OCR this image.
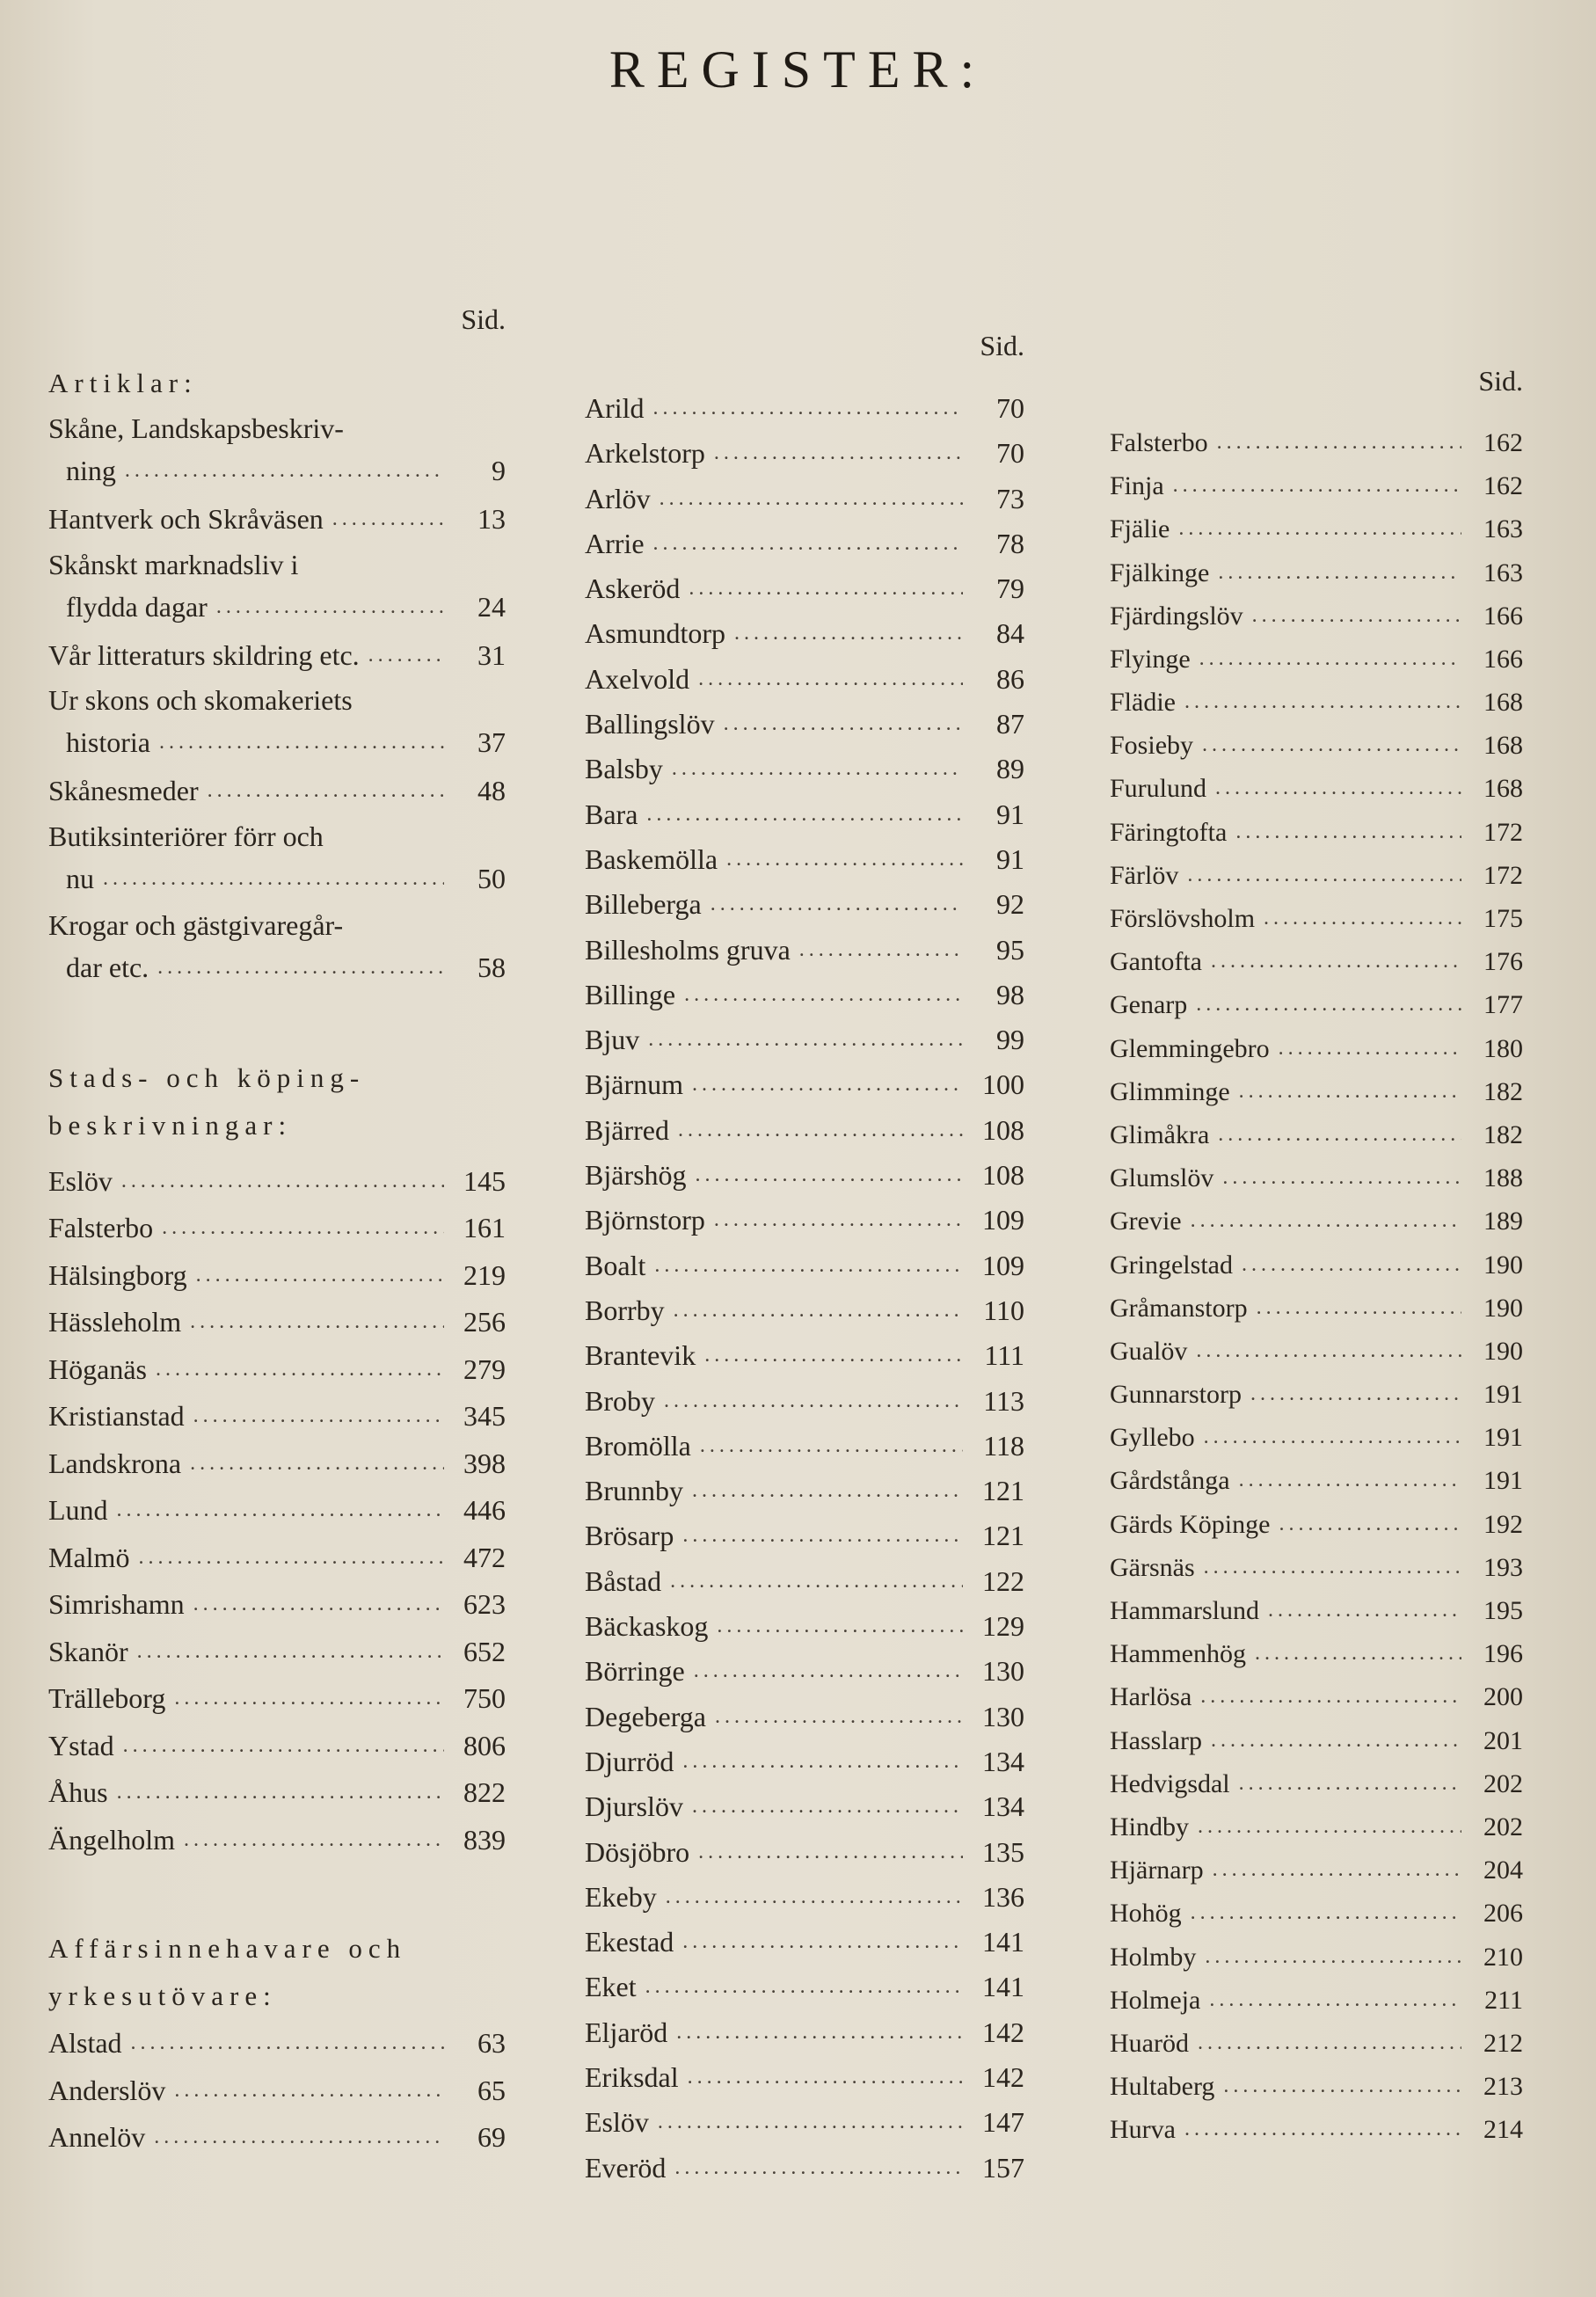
REGISTER:
Sid.
Artiklar:
Skåne, Landskapsbeskriv-
ning .....	9
Hantverk och Skråväsen .....	13
Skånskt marknadsliv i
flydda dagar .....	24
Vår litteraturs skildring etc. .....	31
Ur skons och skomakeriets
historia .....	37
Skånesmeder .....	48
Butiksinteriörer förr och
nu .....	50
Krogar och gästgivaregår-
dar etc. .....	58
Stads- och köping-
beskrivningar:
Eslöv .....	145
Falsterbo .....	161
Hälsingborg .....	219
Hässleholm .....	256
Höganäs .....	279
Kristianstad .....	345
Landskrona .....	398
Lund .....	446
Malmö .....	472
Simrishamn .....	623
Skanör .....	652
Trälleborg .....	750
Ystad .....	806
Åhus .....	822
Ängelholm .....	839
Affärsinnehavare och
yrkesutövare:
Alstad .....	63
Anderslöv .....	65
Annelöv .....	69
Sid.
Arild .....	70
Arkelstorp .....	70
Arlöv .....	73
Arrie .....	78
Askeröd .....	79
Asmundtorp .....	84
Axelvold .....	86
Ballingslöv .....	87
Balsby .....	89
Bara .....	91
Baskemölla .....	91
Billeberga .....	92
Billesholms gruva .....	95
Billinge .....	98
Bjuv .....	99
Bjärnum .....	100
Bjärred .....	108
Bjärshög .....	108
Björnstorp .....	109
Boalt .....	109
Borrby .....	110
Brantevik .....	111
Broby .....	113
Bromölla .....	118
Brunnby .....	121
Brösarp .....	121
Båstad .....	122
Bäckaskog .....	129
Börringe .....	130
Degeberga .....	130
Djurröd .....	134
Djurslöv .....	134
Dösjöbro .....	135
Ekeby .....	136
Ekestad .....	141
Eket .....	141
Eljaröd .....	142
Eriksdal .....	142
Eslöv .....	147
Everöd .....	157
Sid.
Falsterbo .....	162
Finja .....	162
Fjälie .....	163
Fjälkinge .....	163
Fjärdingslöv .....	166
Flyinge .....	166
Flädie .....	168
Fosieby .....	168
Furulund .....	168
Färingtofta .....	172
Färlöv .....	172
Förslövsholm .....	175
Gantofta .....	176
Genarp .....	177
Glemmingebro .....	180
Glimminge .....	182
Glimåkra .....	182
Glumslöv .....	188
Grevie .....	189
Gringelstad .....	190
Gråmanstorp .....	190
Gualöv .....	190
Gunnarstorp .....	191
Gyllebo .....	191
Gårdstånga .....	191
Gärds Köpinge .....	192
Gärsnäs .....	193
Hammarslund .....	195
Hammenhög .....	196
Harlösa .....	200
Hasslarp .....	201
Hedvigsdal .....	202
Hindby .....	202
Hjärnarp .....	204
Hohög .....	206
Holmby .....	210
Holmeja .....	211
Huaröd .....	212
Hultaberg .....	213
Hurva .....	214
